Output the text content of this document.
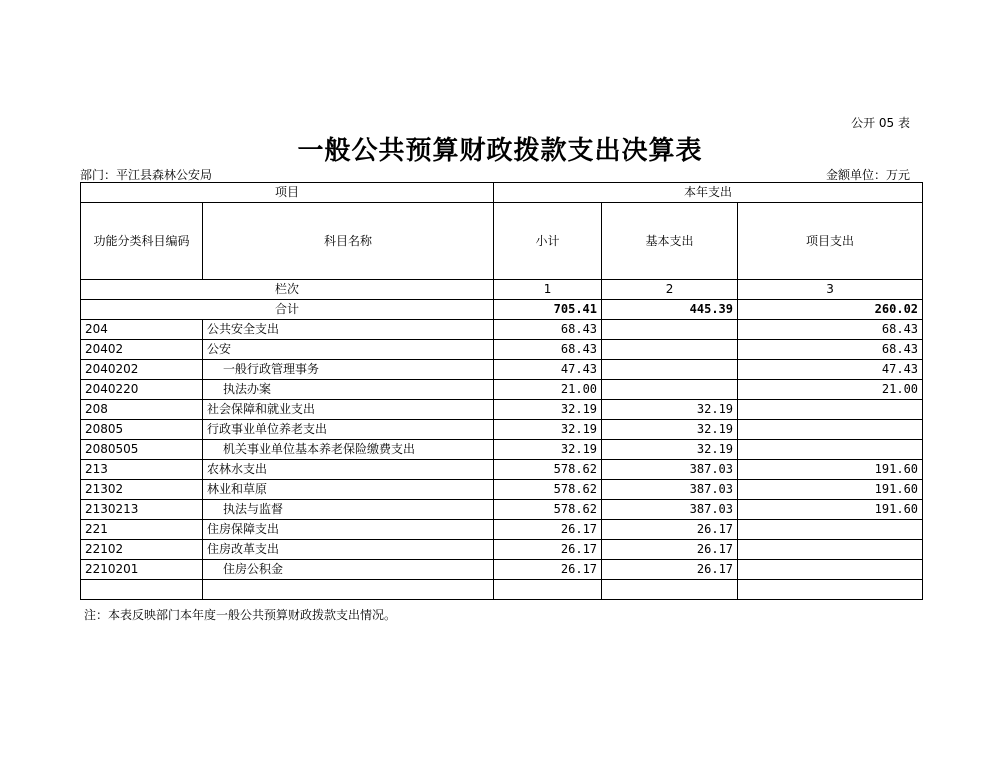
公开 05 表
一般公共预算财政拨款支出决算表
部门：平江县森林公安局	金额单位：万元
项目		本年支出		
功能分类科目编码	科目名称	小计	基本支出	项目支出
栏次		1	2	3
合计		705.41	445.39	260.02
204	公共安全支出	68.43		68.43
20402	公安	68.43		68.43
2040202	一般行政管理事务	47.43		47.43
2040220	执法办案	21.00		21.00
208	社会保障和就业支出	32.19	32.19	
20805	行政事业单位养老支出	32.19	32.19	
2080505	机关事业单位基本养老保险缴费支出	32.19	32.19	
213	农林水支出	578.62	387.03	191.60
21302	林业和草原	578.62	387.03	191.60
2130213	执法与监督	578.62	387.03	191.60
221	住房保障支出	26.17	26.17	
22102	住房改革支出	26.17	26.17	
2210201	住房公积金	26.17	26.17	

注：本表反映部门本年度一般公共预算财政拨款支出情况。
